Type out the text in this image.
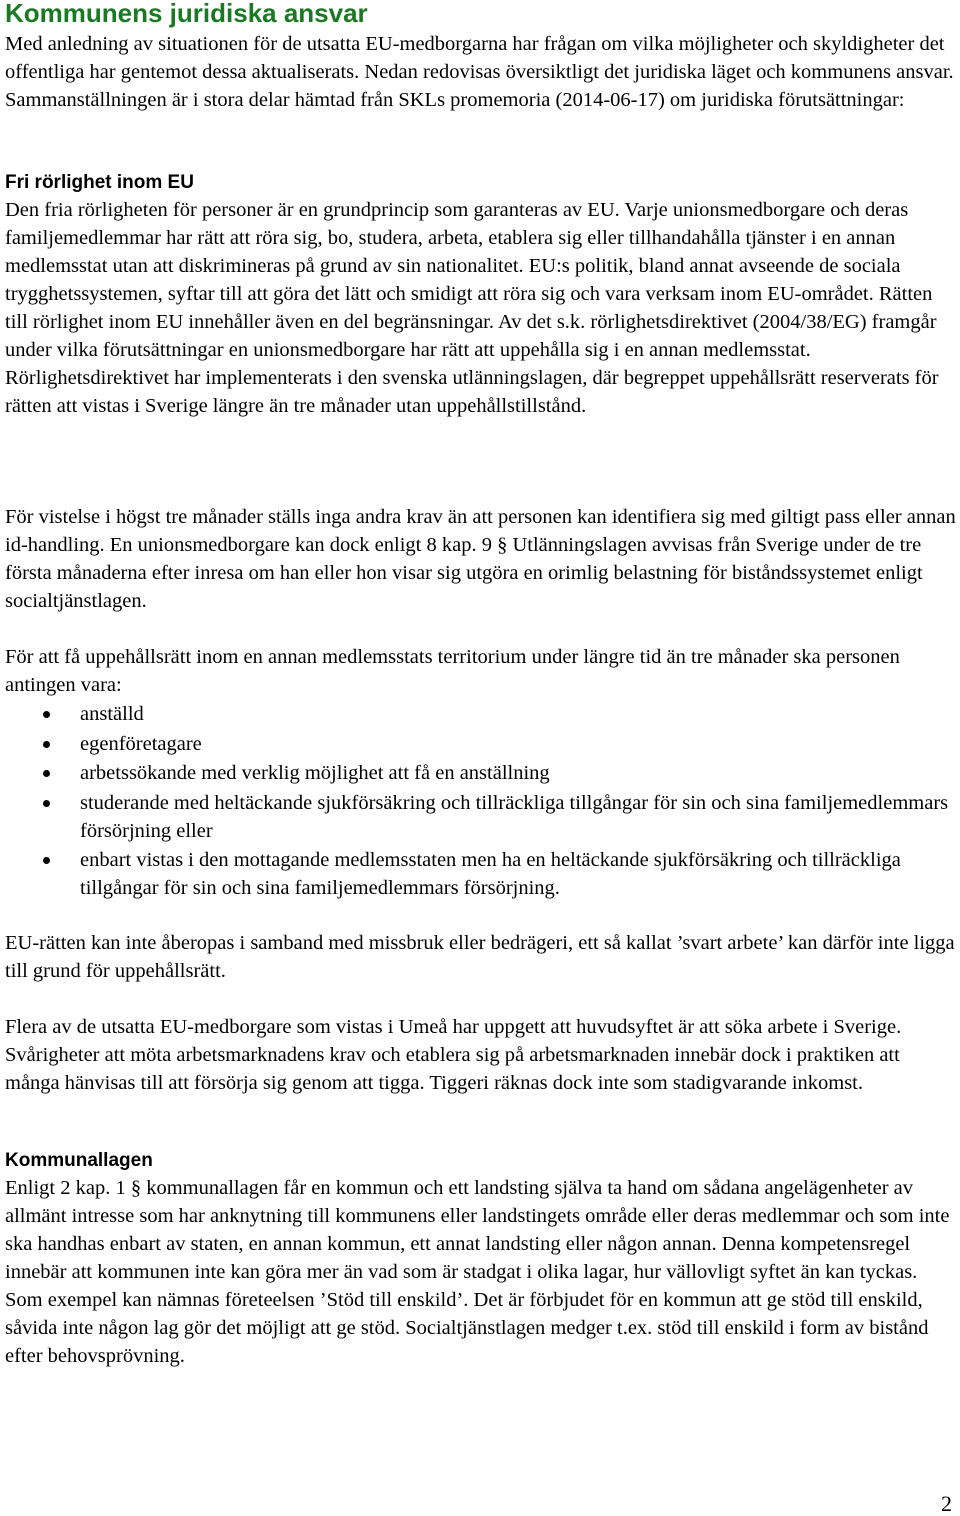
Kommunens juridiska ansvar

Med anledning av situationen för de utsatta EU-medborgarna har frågan om vilka möjligheter och skyldigheter det offentliga har gentemot dessa aktualiserats. Nedan redovisas översiktligt det juridiska läget och kommunens ansvar. Sammanställningen är i stora delar hämtad från SKLs promemoria (2014-06-17) om juridiska förutsättningar:

Fri rörlighet inom EU

Den fria rörligheten för personer är en grundprincip som garanteras av EU. Varje unionsmedborgare och deras familjemedlemmar har rätt att röra sig, bo, studera, arbeta, etablera sig eller tillhandahålla tjänster i en annan medlemsstat utan att diskrimineras på grund av sin nationalitet. EU:s politik, bland annat avseende de sociala trygghetssystemen, syftar till att göra det lätt och smidigt att röra sig och vara verksam inom EU-området. Rätten till rörlighet inom EU innehåller även en del begränsningar. Av det s.k. rörlighetsdirektivet (2004/38/EG) framgår under vilka förutsättningar en unionsmedborgare har rätt att uppehålla sig i en annan medlemsstat. Rörlighetsdirektivet har implementerats i den svenska utlänningslagen, där begreppet uppehållsrätt reserverats för rätten att vistas i Sverige längre än tre månader utan uppehållstillstånd.

För vistelse i högst tre månader ställs inga andra krav än att personen kan identifiera sig med giltigt pass eller annan id-handling. En unionsmedborgare kan dock enligt 8 kap. 9 § Utlänningslagen avvisas från Sverige under de tre första månaderna efter inresa om han eller hon visar sig utgöra en orimlig belastning för biståndssystemet enligt socialtjänstlagen.

För att få uppehållsrätt inom en annan medlemsstats territorium under längre tid än tre månader ska personen antingen vara:

anställd
egenföretagare
arbetssökande med verklig möjlighet att få en anställning
studerande med heltäckande sjukförsäkring och tillräckliga tillgångar för sin och sina familjemedlemmars försörjning eller
enbart vistas i den mottagande medlemsstaten men ha en heltäckande sjukförsäkring och tillräckliga tillgångar för sin och sina familjemedlemmars försörjning.

EU-rätten kan inte åberopas i samband med missbruk eller bedrägeri, ett så kallat ’svart arbete’ kan därför inte ligga till grund för uppehållsrätt.

Flera av de utsatta EU-medborgare som vistas i Umeå har uppgett att huvudsyftet är att söka arbete i Sverige. Svårigheter att möta arbetsmarknadens krav och etablera sig på arbetsmarknaden innebär dock i praktiken att många hänvisas till att försörja sig genom att tigga. Tiggeri räknas dock inte som stadigvarande inkomst.

Kommunallagen

Enligt 2 kap. 1 § kommunallagen får en kommun och ett landsting själva ta hand om sådana angelägenheter av allmänt intresse som har anknytning till kommunens eller landstingets område eller deras medlemmar och som inte ska handhas enbart av staten, en annan kommun, ett annat landsting eller någon annan. Denna kompetensregel innebär att kommunen inte kan göra mer än vad som är stadgat i olika lagar, hur vällovligt syftet än kan tyckas. Som exempel kan nämnas företeelsen ’Stöd till enskild’. Det är förbjudet för en kommun att ge stöd till enskild, såvida inte någon lag gör det möjligt att ge stöd. Socialtjänstlagen medger t.ex. stöd till enskild i form av bistånd efter behovsprövning.

2
